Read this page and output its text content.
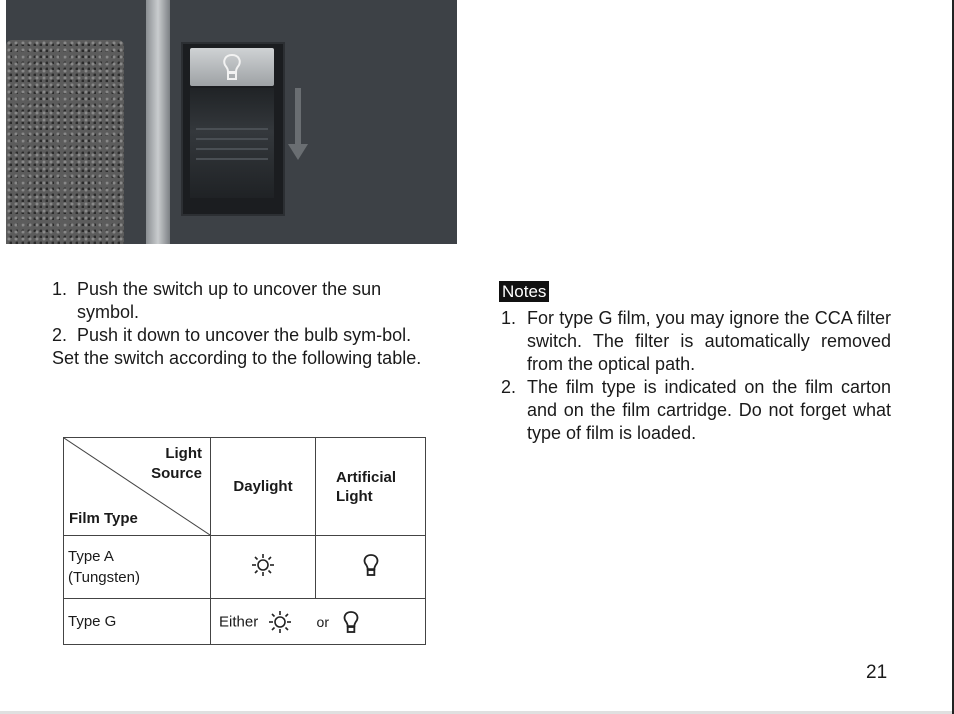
1. Push the switch up to uncover the sun symbol.
2. Push it down to uncover the bulb sym-bol.
Set the switch according to the following table.
Light Source
Film Type	Daylight	Artificial Light
Type A (Tungsten)		
Type G	Either or	
Notes
1. For type G film, you may ignore the CCA filter switch. The filter is automatically removed from the optical path.
2. The film type is indicated on the film carton and on the film cartridge. Do not forget what type of film is loaded.
21
